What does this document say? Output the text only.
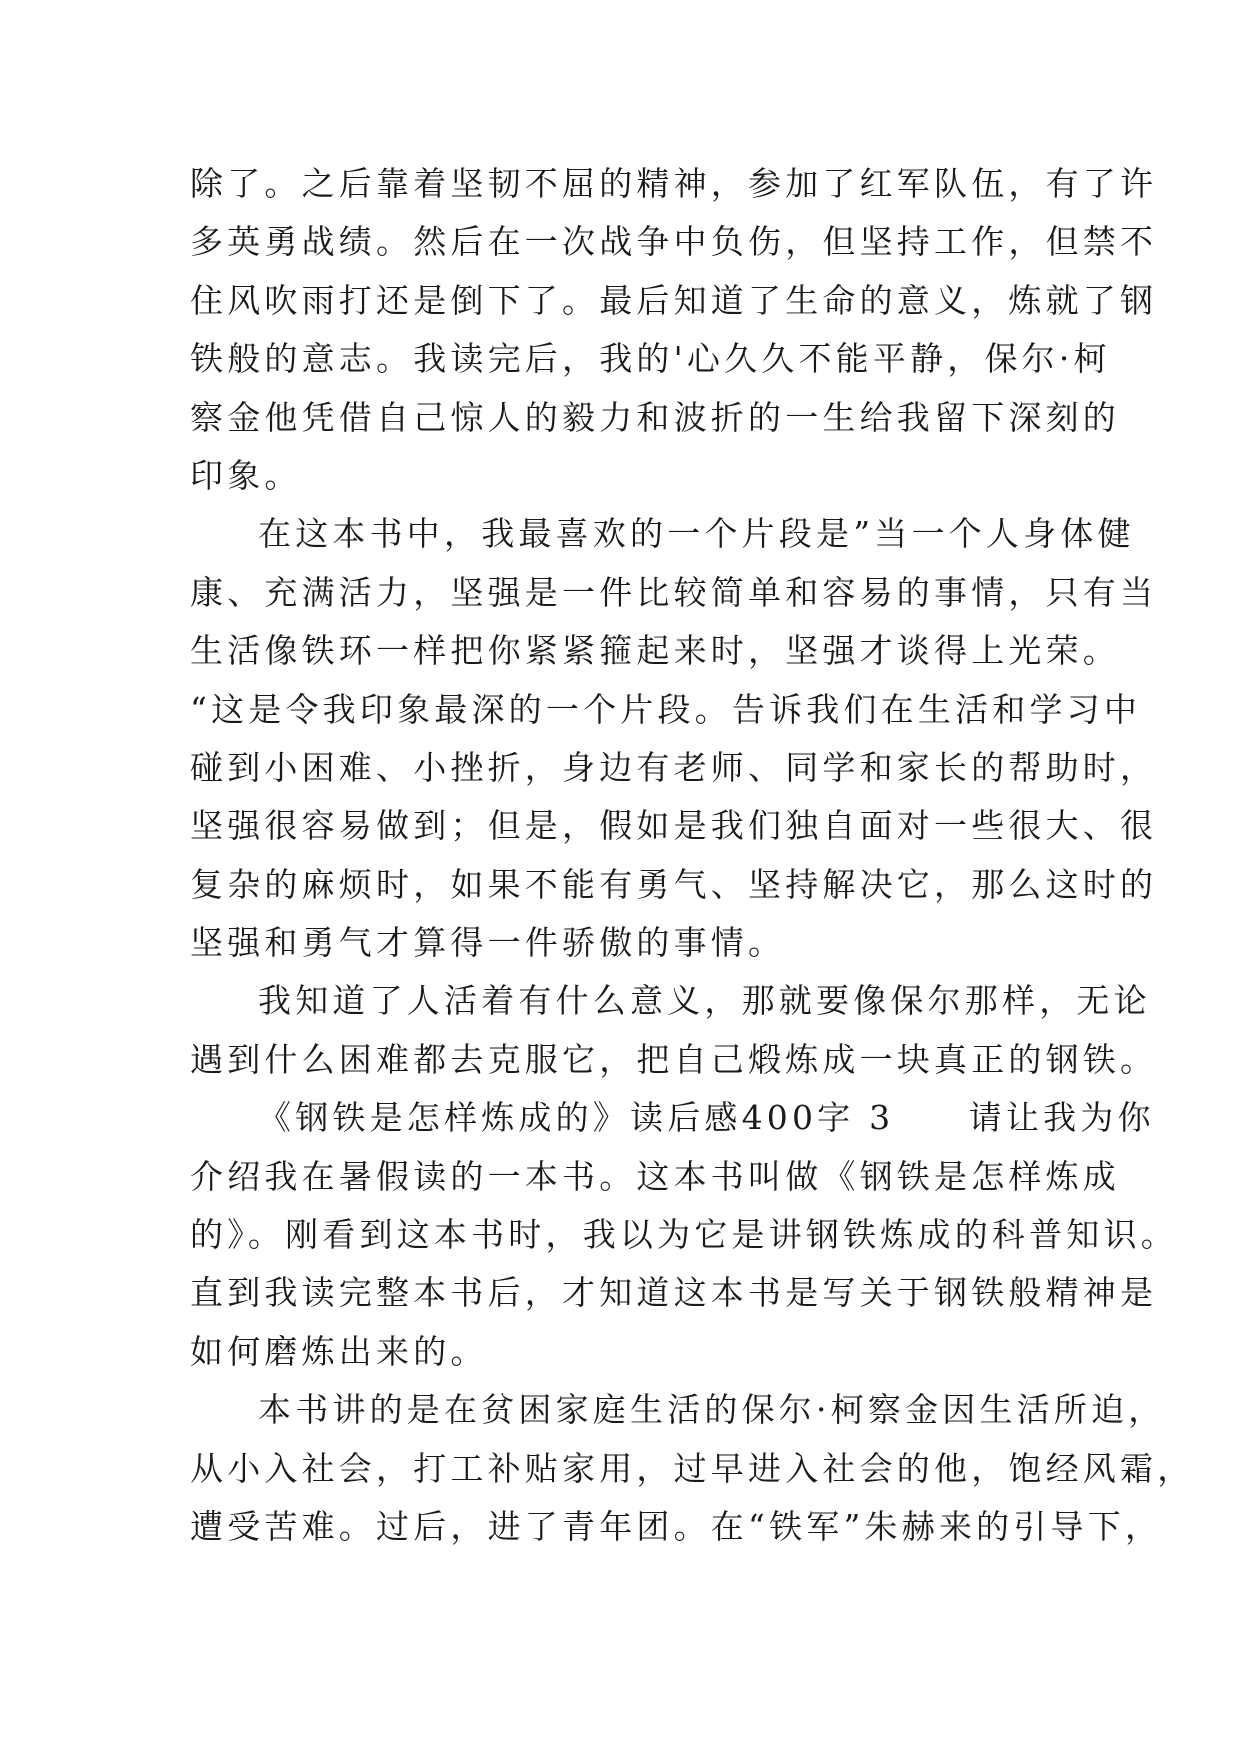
除了。之后靠着坚韧不屈的精神，参加了红军队伍，有了许
多英勇战绩。然后在一次战争中负伤，但坚持工作，但禁不
住风吹雨打还是倒下了。最后知道了生命的意义，炼就了钢
铁般的意志。我读完后，我的'心久久不能平静，保尔·柯
察金他凭借自己惊人的毅力和波折的一生给我留下深刻的
印象。
在这本书中，我最喜欢的一个片段是”当一个人身体健
康、充满活力，坚强是一件比较简单和容易的事情，只有当
生活像铁环一样把你紧紧箍起来时，坚强才谈得上光荣。
“这是令我印象最深的一个片段。告诉我们在生活和学习中
碰到小困难、小挫折，身边有老师、同学和家长的帮助时，
坚强很容易做到；但是，假如是我们独自面对一些很大、很
复杂的麻烦时，如果不能有勇气、坚持解决它，那么这时的
坚强和勇气才算得一件骄傲的事情。
我知道了人活着有什么意义，那就要像保尔那样，无论
遇到什么困难都去克服它，把自己煅炼成一块真正的钢铁。
《钢铁是怎样炼成的》读后感400字 3　　请让我为你
介绍我在暑假读的一本书。这本书叫做《钢铁是怎样炼成
的》。刚看到这本书时，我以为它是讲钢铁炼成的科普知识。
直到我读完整本书后，才知道这本书是写关于钢铁般精神是
如何磨炼出来的。
本书讲的是在贫困家庭生活的保尔·柯察金因生活所迫，
从小入社会，打工补贴家用，过早进入社会的他，饱经风霜，
遭受苦难。过后，进了青年团。在“铁军”朱赫来的引导下，
